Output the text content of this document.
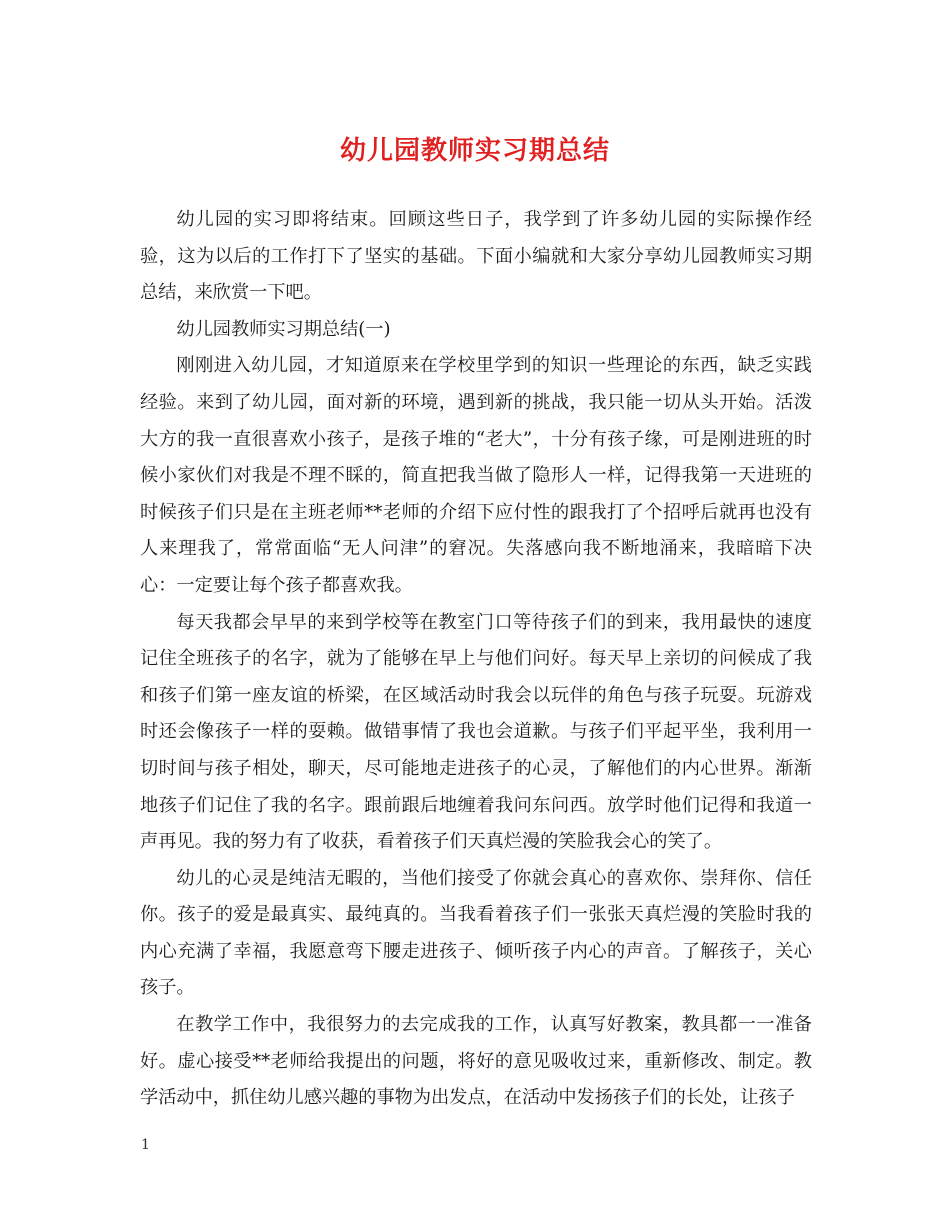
幼儿园教师实习期总结

幼儿园的实习即将结束。回顾这些日子，我学到了许多幼儿园的实际操作经验，这为以后的工作打下了坚实的基础。下面小编就和大家分享幼儿园教师实习期总结，来欣赏一下吧。

幼儿园教师实习期总结(一)

刚刚进入幼儿园，才知道原来在学校里学到的知识一些理论的东西，缺乏实践经验。来到了幼儿园，面对新的环境，遇到新的挑战，我只能一切从头开始。活泼大方的我一直很喜欢小孩子，是孩子堆的“老大”，十分有孩子缘，可是刚进班的时候小家伙们对我是不理不睬的，简直把我当做了隐形人一样，记得我第一天进班的时候孩子们只是在主班老师**老师的介绍下应付性的跟我打了个招呼后就再也没有人来理我了，常常面临“无人问津”的窘况。失落感向我不断地涌来，我暗暗下决心：一定要让每个孩子都喜欢我。

每天我都会早早的来到学校等在教室门口等待孩子们的到来，我用最快的速度记住全班孩子的名字，就为了能够在早上与他们问好。每天早上亲切的问候成了我和孩子们第一座友谊的桥梁，在区域活动时我会以玩伴的角色与孩子玩耍。玩游戏时还会像孩子一样的耍赖。做错事情了我也会道歉。与孩子们平起平坐，我利用一切时间与孩子相处，聊天，尽可能地走进孩子的心灵，了解他们的内心世界。渐渐地孩子们记住了我的名字。跟前跟后地缠着我问东问西。放学时他们记得和我道一声再见。我的努力有了收获，看着孩子们天真烂漫的笑脸我会心的笑了。

幼儿的心灵是纯洁无暇的，当他们接受了你就会真心的喜欢你、崇拜你、信任你。孩子的爱是最真实、最纯真的。当我看着孩子们一张张天真烂漫的笑脸时我的内心充满了幸福，我愿意弯下腰走进孩子、倾听孩子内心的声音。了解孩子，关心孩子。

在教学工作中，我很努力的去完成我的工作，认真写好教案，教具都一一准备好。虚心接受**老师给我提出的问题，将好的意见吸收过来，重新修改、制定。教学活动中，抓住幼儿感兴趣的事物为出发点，在活动中发扬孩子们的长处，让孩子

1
